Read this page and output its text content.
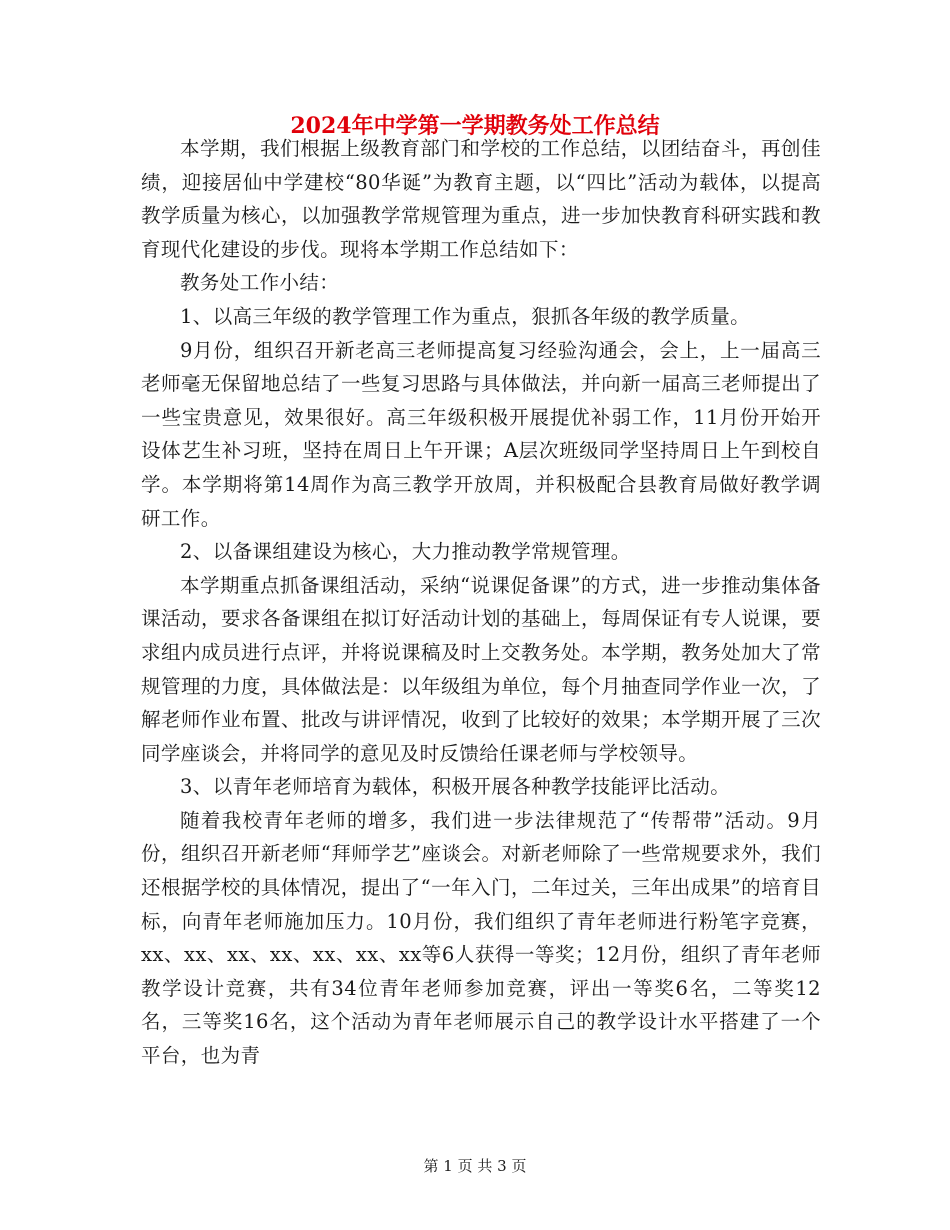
2024年中学第一学期教务处工作总结

本学期，我们根据上级教育部门和学校的工作总结，以团结奋斗，再创佳绩，迎接居仙中学建校“80华诞”为教育主题，以“四比”活动为载体，以提高教学质量为核心，以加强教学常规管理为重点，进一步加快教育科研实践和教育现代化建设的步伐。现将本学期工作总结如下：

教务处工作小结：

1、以高三年级的教学管理工作为重点，狠抓各年级的教学质量。

9月份，组织召开新老高三老师提高复习经验沟通会，会上，上一届高三老师毫无保留地总结了一些复习思路与具体做法，并向新一届高三老师提出了一些宝贵意见，效果很好。高三年级积极开展提优补弱工作，11月份开始开设体艺生补习班，坚持在周日上午开课；A层次班级同学坚持周日上午到校自学。本学期将第14周作为高三教学开放周，并积极配合县教育局做好教学调研工作。

2、以备课组建设为核心，大力推动教学常规管理。

本学期重点抓备课组活动，采纳“说课促备课”的方式，进一步推动集体备课活动，要求各备课组在拟订好活动计划的基础上，每周保证有专人说课，要求组内成员进行点评，并将说课稿及时上交教务处。本学期，教务处加大了常规管理的力度，具体做法是：以年级组为单位，每个月抽查同学作业一次，了解老师作业布置、批改与讲评情况，收到了比较好的效果；本学期开展了三次同学座谈会，并将同学的意见及时反馈给任课老师与学校领导。

3、以青年老师培育为载体，积极开展各种教学技能评比活动。

随着我校青年老师的增多，我们进一步法律规范了“传帮带”活动。9月份，组织召开新老师“拜师学艺”座谈会。对新老师除了一些常规要求外，我们还根据学校的具体情况，提出了“一年入门，二年过关，三年出成果”的培育目标，向青年老师施加压力。10月份，我们组织了青年老师进行粉笔字竞赛，xx、xx、xx、xx、xx、xx、xx等6人获得一等奖；12月份，组织了青年老师教学设计竞赛，共有34位青年老师参加竞赛，评出一等奖6名，二等奖12名，三等奖16名，这个活动为青年老师展示自己的教学设计水平搭建了一个平台，也为青

第 1 页 共 3 页
